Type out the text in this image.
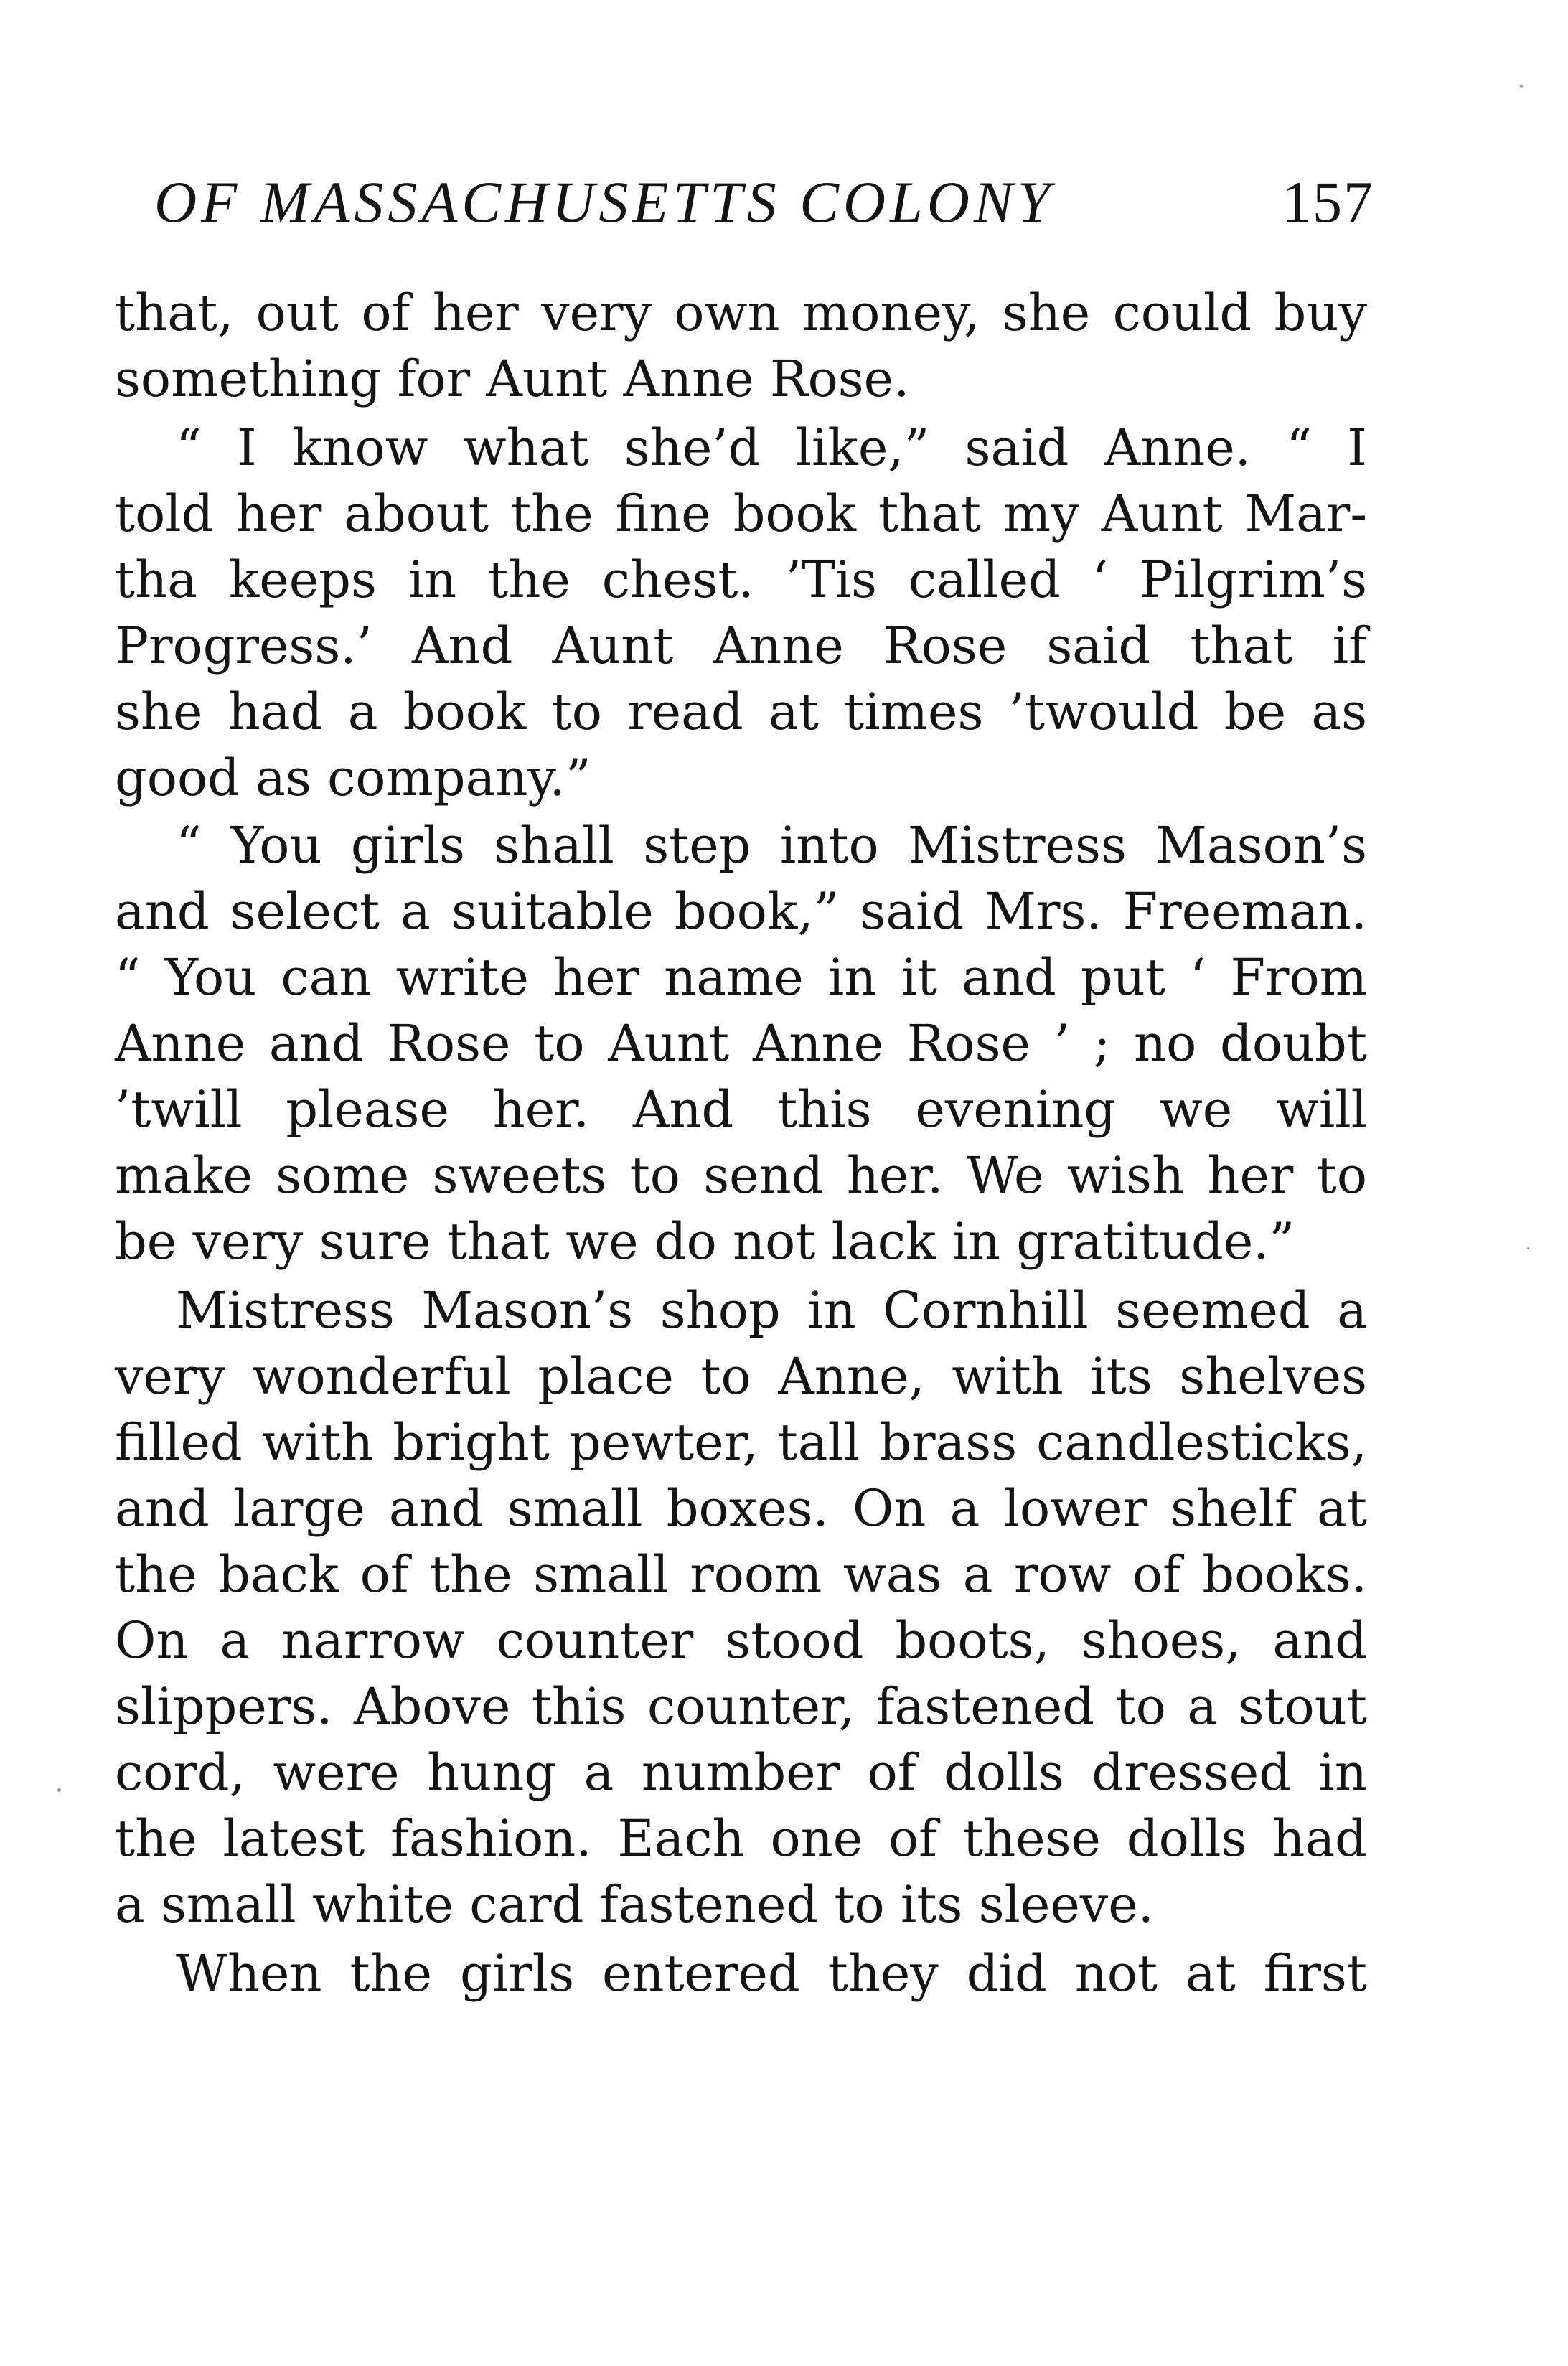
OF MASSACHUSETTS COLONY	157
that, out of her very own money, she could buy
something for Aunt Anne Rose.
“ I know what she’d like,” said Anne. “ I
told her about the fine book that my Aunt Mar-
tha keeps in the chest. ’Tis called ‘ Pilgrim’s
Progress.’ And Aunt Anne Rose said that if
she had a book to read at times ’twould be as
good as company.”
“ You girls shall step into Mistress Mason’s
and select a suitable book,” said Mrs. Freeman.
“ You can write her name in it and put ‘ From
Anne and Rose to Aunt Anne Rose ’ ; no doubt
’twill please her. And this evening we will
make some sweets to send her. We wish her to
be very sure that we do not lack in gratitude.”
Mistress Mason’s shop in Cornhill seemed a
very wonderful place to Anne, with its shelves
filled with bright pewter, tall brass candlesticks,
and large and small boxes. On a lower shelf at
the back of the small room was a row of books.
On a narrow counter stood boots, shoes, and
slippers. Above this counter, fastened to a stout
cord, were hung a number of dolls dressed in
the latest fashion. Each one of these dolls had
a small white card fastened to its sleeve.
When the girls entered they did not at first
